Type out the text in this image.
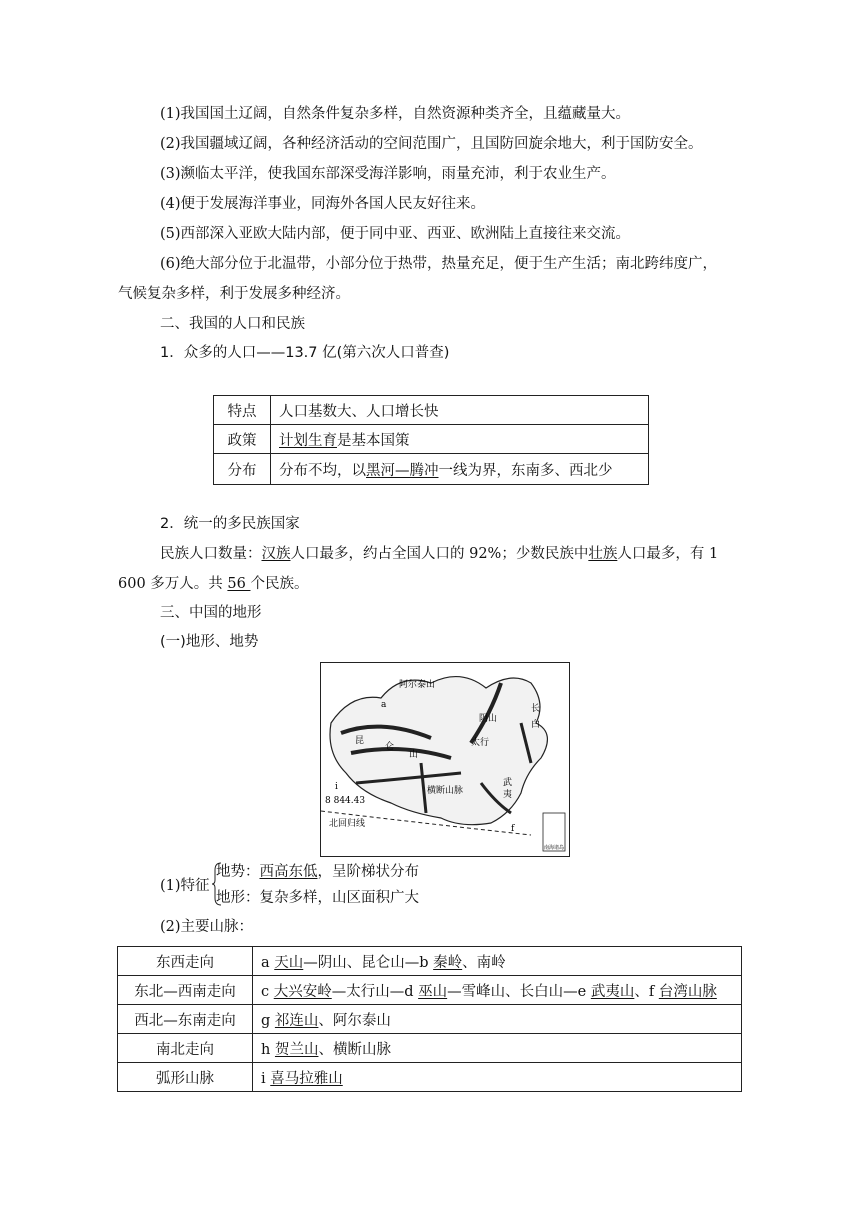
(1)我国国土辽阔，自然条件复杂多样，自然资源种类齐全，且蕴藏量大。
(2)我国疆域辽阔，各种经济活动的空间范围广，且国防回旋余地大，利于国防安全。
(3)濒临太平洋，使我国东部深受海洋影响，雨量充沛，利于农业生产。
(4)便于发展海洋事业，同海外各国人民友好往来。
(5)西部深入亚欧大陆内部，便于同中亚、西亚、欧洲陆上直接往来交流。
(6)绝大部分位于北温带，小部分位于热带，热量充足，便于生产生活；南北跨纬度广，
气候复杂多样，利于发展多种经济。
二、我国的人口和民族
1．众多的人口——13.7 亿(第六次人口普查)
特点	人口基数大、人口增长快
政策	计划生育是基本国策
分布	分布不均，以黑河—腾冲一线为界，东南多、西北少
2．统一的多民族国家
民族人口数量：汉族人口最多，约占全国人口的 92%；少数民族中壮族人口最多，有 1
600 多万人。共 56 个民族。
三、中国的地形
(一)地形、地势
a
阿尔泰山
昆
仑
山
阴山
长
白
太行
横断山脉
i
8 844.43
北回归线
武
夷
f
南海诸岛
(1)特征
地势：西高东低，呈阶梯状分布
地形：复杂多样，山区面积广大
(2)主要山脉：
东西走向	a 天山—阴山、昆仑山—b 秦岭、南岭
东北—西南走向	c 大兴安岭—太行山—d 巫山—雪峰山、长白山—e 武夷山、f 台湾山脉
西北—东南走向	g 祁连山、阿尔泰山
南北走向	h 贺兰山、横断山脉
弧形山脉	i 喜马拉雅山
